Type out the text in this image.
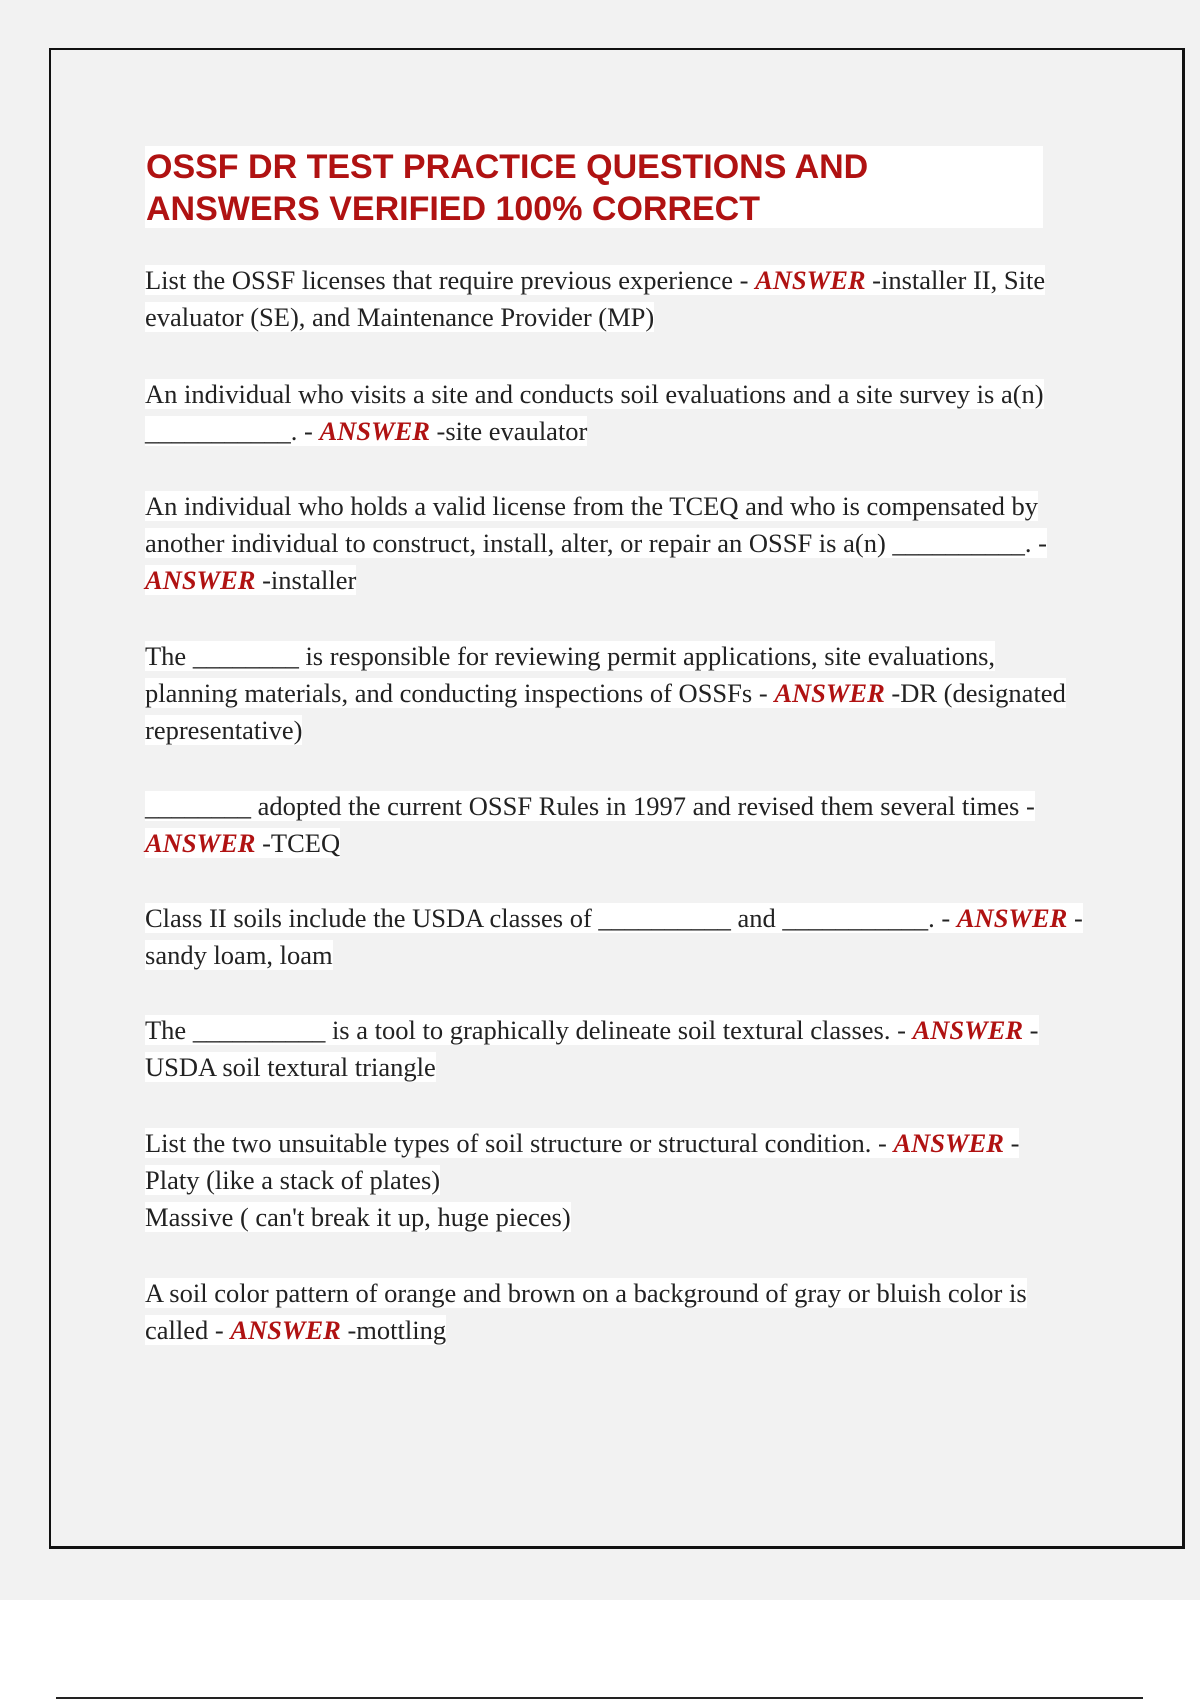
OSSF DR TEST PRACTICE QUESTIONS AND ANSWERS VERIFIED 100% CORRECT

List the OSSF licenses that require previous experience - ANSWER -installer II, Site evaluator (SE), and Maintenance Provider (MP)

An individual who visits a site and conducts soil evaluations and a site survey is a(n) ___________. - ANSWER -site evaulator

An individual who holds a valid license from the TCEQ and who is compensated by another individual to construct, install, alter, or repair an OSSF is a(n) __________. - ANSWER -installer

The ________ is responsible for reviewing permit applications, site evaluations, planning materials, and conducting inspections of OSSFs - ANSWER -DR (designated representative)

________ adopted the current OSSF Rules in 1997 and revised them several times - ANSWER -TCEQ

Class II soils include the USDA classes of __________ and ___________. - ANSWER -sandy loam, loam

The __________ is a tool to graphically delineate soil textural classes. - ANSWER -USDA soil textural triangle

List the two unsuitable types of soil structure or structural condition. - ANSWER -
Platy (like a stack of plates)
Massive ( can't break it up, huge pieces)

A soil color pattern of orange and brown on a background of gray or bluish color is called - ANSWER -mottling
